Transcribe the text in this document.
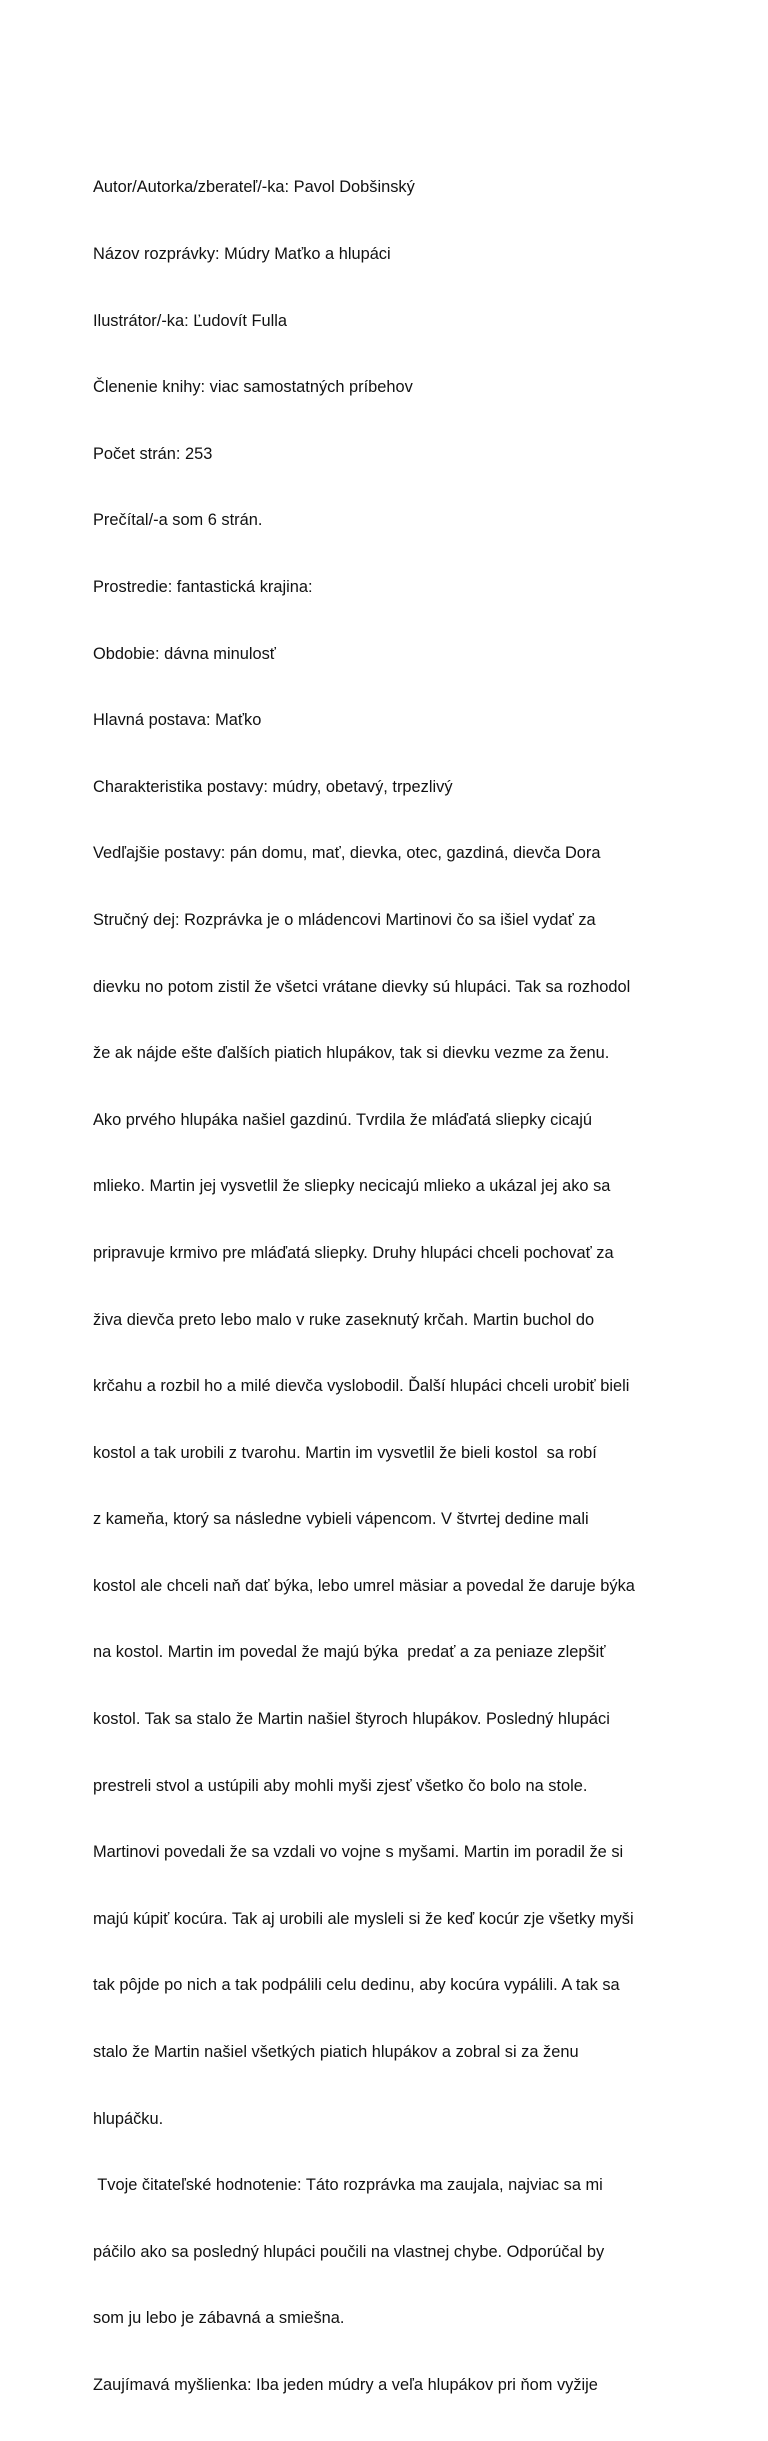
Autor/Autorka/zberateľ/-ka: Pavol Dobšinský

Názov rozprávky: Múdry Maťko a hlupáci

Ilustrátor/-ka: Ľudovít Fulla

Členenie knihy: viac samostatných príbehov

Počet strán: 253

Prečítal/-a som 6 strán.

Prostredie: fantastická krajina:

Obdobie: dávna minulosť

Hlavná postava: Maťko

Charakteristika postavy: múdry, obetavý, trpezlivý

Vedľajšie postavy: pán domu, mať, dievka, otec, gazdiná, dievča Dora

Stručný dej: Rozprávka je o mládencovi Martinovi čo sa išiel vydať za

dievku no potom zistil že všetci vrátane dievky sú hlupáci. Tak sa rozhodol

že ak nájde ešte ďalších piatich hlupákov, tak si dievku vezme za ženu.

Ako prvého hlupáka našiel gazdinú. Tvrdila že mláďatá sliepky cicajú

mlieko. Martin jej vysvetlil že sliepky necicajú mlieko a ukázal jej ako sa

pripravuje krmivo pre mláďatá sliepky. Druhy hlupáci chceli pochovať za

živa dievča preto lebo malo v ruke zaseknutý krčah. Martin buchol do

krčahu a rozbil ho a milé dievča vyslobodil. Ďalší hlupáci chceli urobiť bieli

kostol a tak urobili z tvarohu. Martin im vysvetlil že bieli kostol  sa robí

z kameňa, ktorý sa následne vybieli vápencom. V štvrtej dedine mali

kostol ale chceli naň dať býka, lebo umrel mäsiar a povedal že daruje býka

na kostol. Martin im povedal že majú býka  predať a za peniaze zlepšiť

kostol. Tak sa stalo že Martin našiel štyroch hlupákov. Posledný hlupáci

prestreli stvol a ustúpili aby mohli myši zjesť všetko čo bolo na stole.

Martinovi povedali že sa vzdali vo vojne s myšami. Martin im poradil že si

majú kúpiť kocúra. Tak aj urobili ale mysleli si že keď kocúr zje všetky myši

tak pôjde po nich a tak podpálili celu dedinu, aby kocúra vypálili. A tak sa

stalo že Martin našiel všetkých piatich hlupákov a zobral si za ženu

hlupáčku.

Tvoje čitateľské hodnotenie: Táto rozprávka ma zaujala, najviac sa mi

páčilo ako sa posledný hlupáci poučili na vlastnej chybe. Odporúčal by

som ju lebo je zábavná a smiešna.

Zaujímavá myšlienka: Iba jeden múdry a veľa hlupákov pri ňom vyžije
